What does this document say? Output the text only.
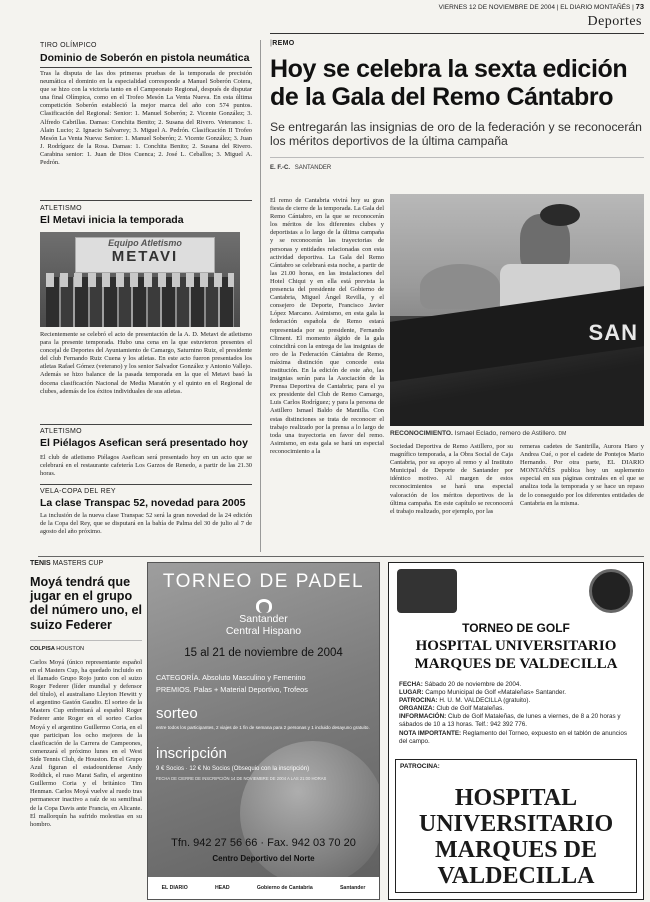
VIERNES 12 DE NOVIEMBRE DE 2004 | EL DIARIO MONTAÑÉS | 73
Deportes
TIRO OLÍMPICO
Dominio de Soberón en pistola neumática
Tras la disputa de las dos primeras pruebas de la temporada de precisión neumática el dominio en la especialidad corresponde a Manuel Soberón Cotera, que se hizo con la victoria tanto en el Campeonato Regional, después de disputar una final Olímpica, como en el Trofeo Mesón La Venta Nueva. En esta última competición Soberón estableció la mejor marca del año con 574 puntos. Clasificación del Regional: Senior: 1. Manuel Soberón; 2. Vicente González; 3. Alfredo Cabrillas. Damas: Conchita Benito; 2. Susana del Rivero. Veteranos: 1. Alain Lucio; 2. Ignacio Salvarrey; 3. Miguel A. Pedrón. Clasificación II Trofeo Mesón La Venta Nueva: Senior: 1. Manuel Soberón; 2. Vicente González; 3. Juan J. Rodríguez de la Rosa. Damas: 1. Conchita Benito; 2. Susana del Rivero. Carabina senior: 1. Juan de Dios Cuenca; 2. José L. Ceballos; 3. Miguel A. Pedrón.
ATLETISMO
El Metavi inicia la temporada
Equipo Atletismo
METAVI
Recientemente se celebró el acto de presentación de la A. D. Metavi de atletismo para la presente temporada. Hubo una cena en la que estuvieron presentes el concejal de Deportes del Ayuntamiento de Camargo, Saturnino Ruiz, el presidente del club Fernando Ruiz Cuena y los atletas. En este acto fueron presentados los atletas Rafael Gómez (veterano) y los senior Salvador González y Antonio Vallejo. Además se hizo balance de la pasada temporada en la que el Metavi basó la docena clasificación Nacional de Media Maratón y el quinto en el Regional de clubes, además de los éxitos individuales de sus atletas.
ATLETISMO
El Piélagos Asefican será presentado hoy
El club de atletismo Piélagos Asefican será presentado hoy en un acto que se celebrará en el restaurante cafetería Los Garzos de Renedo, a partir de las 21.30 horas.
VELA-COPA DEL REY
La clase Transpac 52, novedad para 2005
La inclusión de la nueva clase Transpac 52 será la gran novedad de la 24 edición de la Copa del Rey, que se disputará en la bahía de Palma del 30 de julio al 7 de agosto del año próximo.
|REMO
Hoy se celebra la sexta edición
de la Gala del Remo Cántabro
Se entregarán las insignias de oro de la federación y se reconocerán los méritos deportivos de la última campaña
E. F.-C. SANTANDER
El remo de Cantabria vivirá hoy su gran fiesta de cierre de la temporada. La Gala del Remo Cántabro, en la que se reconocerán los méritos de los diferentes clubes y deportistas a lo largo de la última campaña y se reconocerán las trayectorias de personas y entidades relacionadas con esta actividad deportiva. La Gala del Remo Cántabro se celebrará esta noche, a partir de las 21.00 horas, en las instalaciones del Hotel Chiqui y en ella está prevista la presencia del presidente del Gobierno de Cantabria, Miguel Ángel Revilla, y el consejero de Deporte, Francisco Javier López Marcano. Asimismo, en esta gala la federación española de Remo estará representada por su presidente, Fernando Climent. El momento álgido de la gala coincidirá con la entrega de las insignias de oro de la Federación Cántabra de Remo, máxima distinción que concede esta institución. En la edición de este año, las insignias serán para la Asociación de la Prensa Deportiva de Cantabria; para el ya ex presidente del Club de Remo Camargo, Luis Carlos Rodríguez; y para la persona de Astillero Ismael Baldo de Mantilla. Con estas distinciones se trata de reconocer el trabajo realizado por la prensa a lo largo de toda una trayectoria en favor del remo. Asimismo, en esta gala se hará un especial reconocimiento a la
SAN
RECONOCIMIENTO. Ismael Eclado, remero de Astillero. DM
Sociedad Deportiva de Remo Astillero, por su magnífico temporada, a la Obra Social de Caja Cantabria, por su apoyo al remo y al Instituto Municipal de Deporte de Santander por idéntico motivo. Al margen de estos reconocimientos se hará una especial valoración de los méritos deportivos de la última campaña. En este capítulo se reconocerá el trabajo realizado, por ejemplo, por las
remeras cadetes de Sanitrilla, Aurora Haro y Andrea Cué, o por el cadete de Pontejos Mario Hernando. Por otra parte, EL DIARIO MONTAÑÉS publica hoy un suplemento especial en sus páginas centrales en el que se analiza toda la temporada y se hace un repaso de lo conseguido por los diferentes entidades de Cantabria en la misma.
TENIS MASTERS CUP
Moyá tendrá que jugar en el grupo del número uno, el suizo Federer
COLPISA HOUSTON
Carlos Moyá (único representante español en el Masters Cup, ha quedado incluido en el llamado Grupo Rojo junto con el suizo Roger Federer (líder mundial y defensor del título), el australiano Lleyton Hewitt y el argentino Gastón Gaudio. El sorteo de la Masters Cup enfrentará al español Roger Federer ante Roger en el sorteo Carlos Moyá y el argentino Guillermo Coria, en el que participan los ocho mejores de la clasificación de la Carrera de Campeones, comenzará el próximo lunes en el West Side Tennis Club, de Houston. En el Grupo Azul figuran el estadounidense Andy Roddick, el ruso Marat Safin, el argentino Guillermo Coria y el británico Tim Henman. Carlos Moyá vuelve al ruedo tras permanecer inactivo a raíz de su semifinal de la Copa Davis ante Francia, en Alicante. El mallorquín ha sufrido molestias en su hombro.
TORNEO DE PADEL
Santander
Central Hispano
15 al 21 de noviembre de 2004
CATEGORÍA. Absoluto Masculino y Femenino
PREMIOS. Palas + Material Deportivo, Trofeos
sorteo
entre todos los participantes, 2 viajes de 1 fin de semana para 2 personas y 1 incluido desayuno gratuito.
inscripción
9 € Socios · 12 € No Socios (Obsequio con la inscripción)
FECHA DE CIERRE DE INSCRIPCIÓN 14 DE NOVIEMBRE DE 2004 A LAS 21:00 HORAS
Tfn. 942 27 56 66 · Fax. 942 03 70 20
Centro Deportivo del Norte
EL DIARIO	HEAD	Gobierno de Cantabria	Santander
TORNEO DE GOLF
HOSPITAL UNIVERSITARIO
MARQUES DE VALDECILLA
FECHA: Sábado 20 de noviembre de 2004.
LUGAR: Campo Municipal de Golf «Mataleñas» Santander.
PATROCINA: H. U. M. VALDECILLA (gratuito).
ORGANIZA: Club de Golf Mataleñas.
INFORMACIÓN: Club de Golf Mataleñas, de lunes a viernes, de 8 a 20 horas y sábados de 10 a 13 horas. Telf.: 942 392 776.
NOTA IMPORTANTE: Reglamento del Torneo, expuesto en el tablón de anuncios del campo.
PATROCINA:
HOSPITAL
UNIVERSITARIO
MARQUES DE
VALDECILLA
